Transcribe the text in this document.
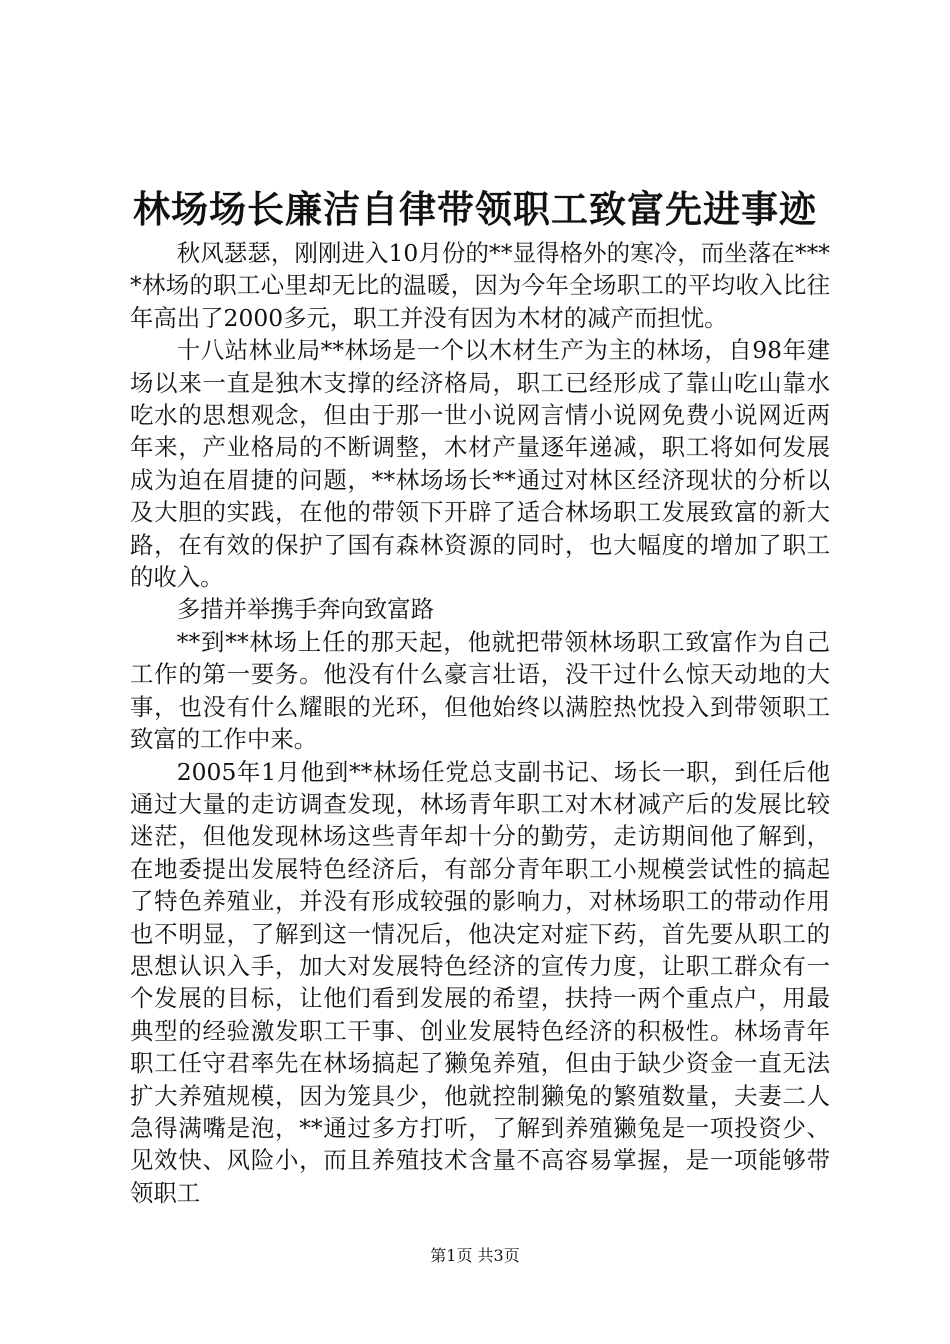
林场场长廉洁自律带领职工致富先进事迹

秋风瑟瑟，刚刚进入10月份的**显得格外的寒冷，而坐落在****林场的职工心里却无比的温暖，因为今年全场职工的平均收入比往年高出了2000多元，职工并没有因为木材的减产而担忧。

十八站林业局**林场是一个以木材生产为主的林场，自98年建场以来一直是独木支撑的经济格局，职工已经形成了靠山吃山靠水吃水的思想观念，但由于那一世小说网言情小说网免费小说网近两年来，产业格局的不断调整，木材产量逐年递减，职工将如何发展成为迫在眉捷的问题，**林场场长**通过对林区经济现状的分析以及大胆的实践，在他的带领下开辟了适合林场职工发展致富的新大路，在有效的保护了国有森林资源的同时，也大幅度的增加了职工的收入。

多措并举携手奔向致富路

**到**林场上任的那天起，他就把带领林场职工致富作为自己工作的第一要务。他没有什么豪言壮语，没干过什么惊天动地的大事，也没有什么耀眼的光环，但他始终以满腔热忱投入到带领职工致富的工作中来。

2005年1月他到**林场任党总支副书记、场长一职，到任后他通过大量的走访调查发现，林场青年职工对木材减产后的发展比较迷茫，但他发现林场这些青年却十分的勤劳，走访期间他了解到，在地委提出发展特色经济后，有部分青年职工小规模尝试性的搞起了特色养殖业，并没有形成较强的影响力，对林场职工的带动作用也不明显，了解到这一情况后，他决定对症下药，首先要从职工的思想认识入手，加大对发展特色经济的宣传力度，让职工群众有一个发展的目标，让他们看到发展的希望，扶持一两个重点户，用最典型的经验激发职工干事、创业发展特色经济的积极性。林场青年职工任守君率先在林场搞起了獭兔养殖，但由于缺少资金一直无法扩大养殖规模，因为笼具少，他就控制獭兔的繁殖数量，夫妻二人急得满嘴是泡，**通过多方打听，了解到养殖獭兔是一项投资少、见效快、风险小，而且养殖技术含量不高容易掌握，是一项能够带领职工

第1页 共3页
